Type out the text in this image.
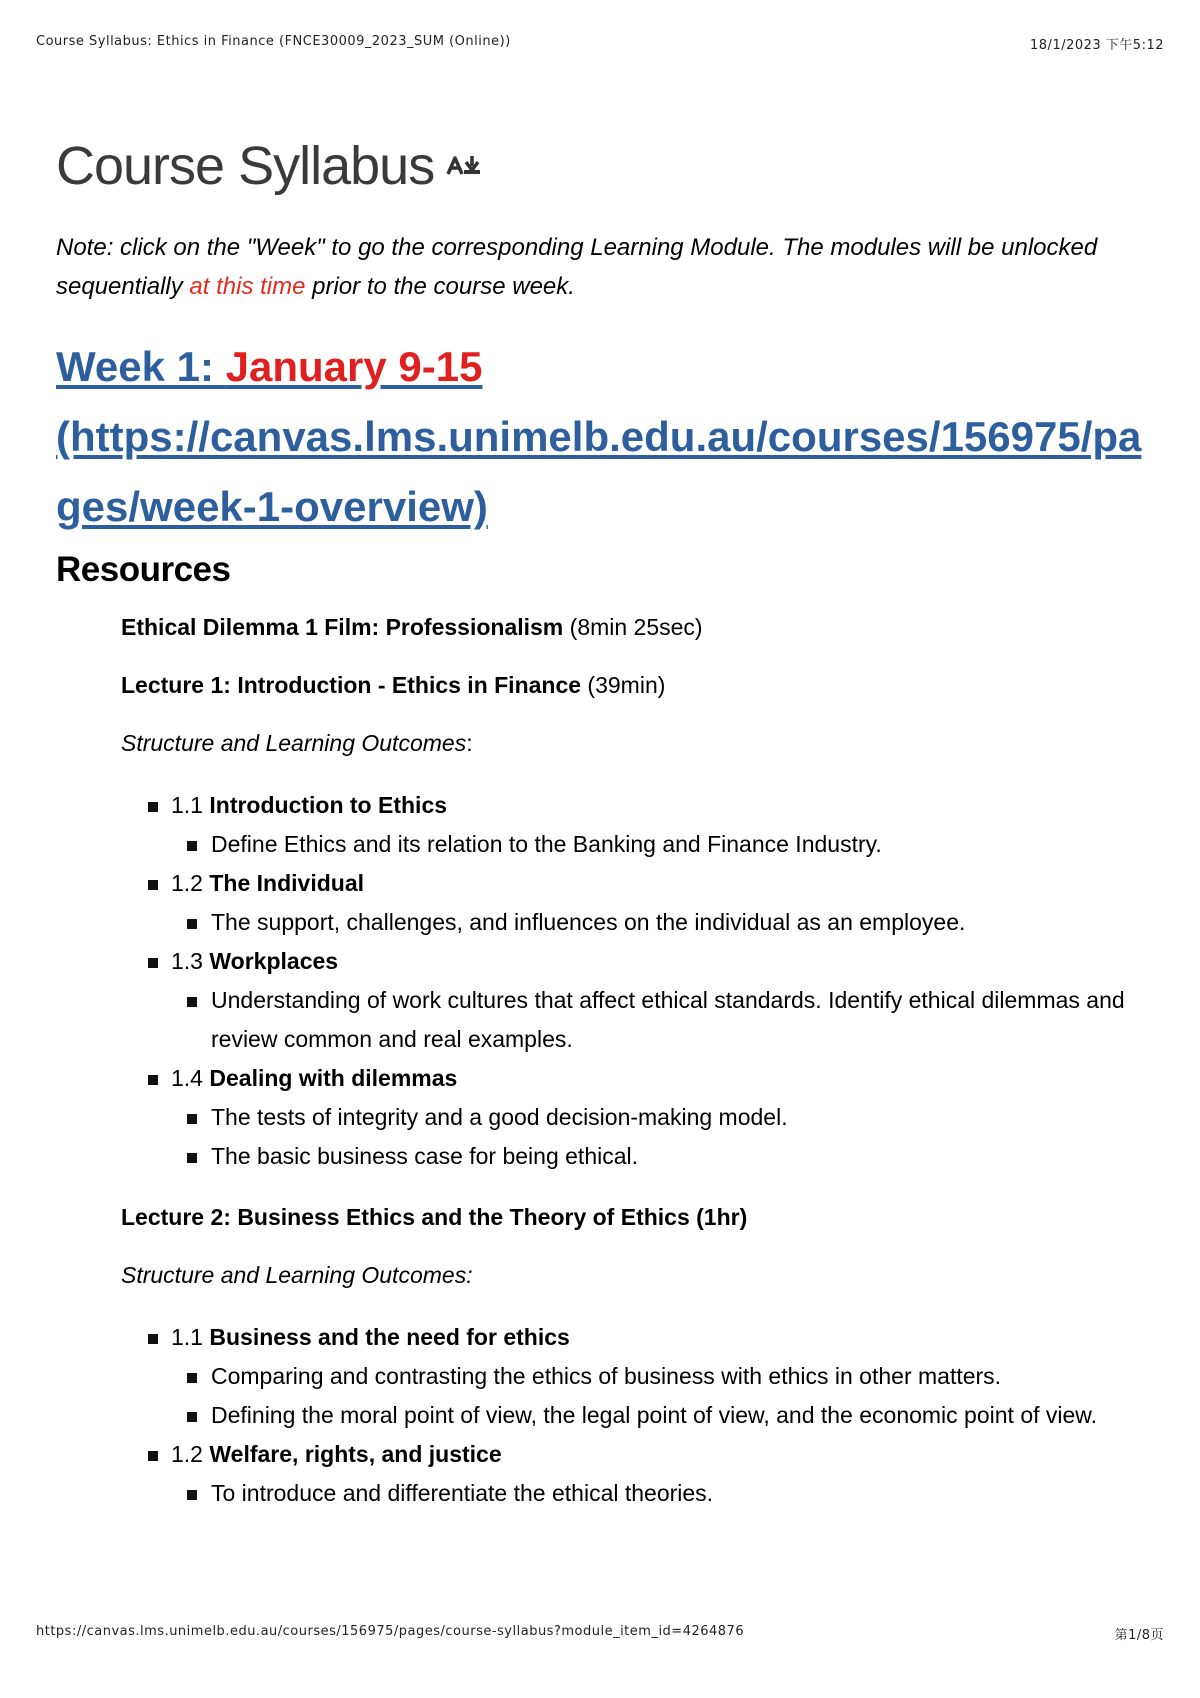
Course Syllabus: Ethics in Finance (FNCE30009_2023_SUM (Online))	18/1/2023 下午5:12
Course Syllabus

Note: click on the "Week" to go the corresponding Learning Module. The modules will be unlocked sequentially at this time prior to the course week.

Week 1: January 9-15
(https://canvas.lms.unimelb.edu.au/courses/156975/pages/week-1-overview)
Resources

Ethical Dilemma 1 Film: Professionalism (8min 25sec)

Lecture 1: Introduction - Ethics in Finance (39min)

Structure and Learning Outcomes:

1.1 Introduction to Ethics
Define Ethics and its relation to the Banking and Finance Industry.
1.2 The Individual
The support, challenges, and influences on the individual as an employee.
1.3 Workplaces
Understanding of work cultures that affect ethical standards. Identify ethical dilemmas and review common and real examples.
1.4 Dealing with dilemmas
The tests of integrity and a good decision-making model.
The basic business case for being ethical.

Lecture 2: Business Ethics and the Theory of Ethics (1hr)

Structure and Learning Outcomes:

1.1 Business and the need for ethics
Comparing and contrasting the ethics of business with ethics in other matters.
Defining the moral point of view, the legal point of view, and the economic point of view.
1.2 Welfare, rights, and justice
To introduce and differentiate the ethical theories.
https://canvas.lms.unimelb.edu.au/courses/156975/pages/course-syllabus?module_item_id=4264876	第1/8页
